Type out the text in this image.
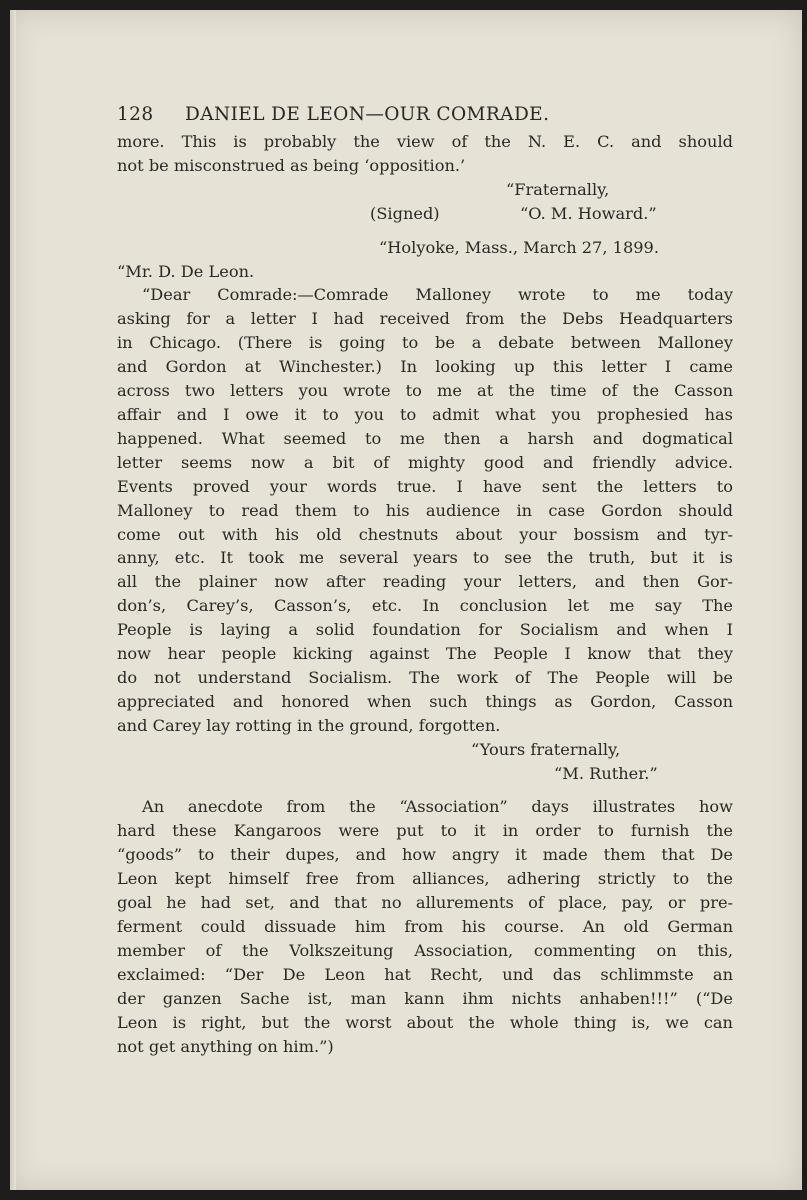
128 DANIEL DE LEON—OUR COMRADE.
more. This is probably the view of the N. E. C. and should
not be misconstrued as being ‘opposition.’
“Fraternally,
(Signed)	“O. M. Howard.”
“Holyoke, Mass., March 27, 1899.
“Mr. D. De Leon.
“Dear Comrade:—Comrade Malloney wrote to me today
asking for a letter I had received from the Debs Headquarters
in Chicago. (There is going to be a debate between Malloney
and Gordon at Winchester.) In looking up this letter I came
across two letters you wrote to me at the time of the Casson
affair and I owe it to you to admit what you prophesied has
happened. What seemed to me then a harsh and dogmatical
letter seems now a bit of mighty good and friendly advice.
Events proved your words true. I have sent the letters to
Malloney to read them to his audience in case Gordon should
come out with his old chestnuts about your bossism and tyr-
anny, etc. It took me several years to see the truth, but it is
all the plainer now after reading your letters, and then Gor-
don’s, Carey’s, Casson’s, etc. In conclusion let me say The
People is laying a solid foundation for Socialism and when I
now hear people kicking against The People I know that they
do not understand Socialism. The work of The People will be
appreciated and honored when such things as Gordon, Casson
and Carey lay rotting in the ground, forgotten.
“Yours fraternally,
“M. Ruther.”
An anecdote from the “Association” days illustrates how
hard these Kangaroos were put to it in order to furnish the
“goods” to their dupes, and how angry it made them that De
Leon kept himself free from alliances, adhering strictly to the
goal he had set, and that no allurements of place, pay, or pre-
ferment could dissuade him from his course. An old German
member of the Volkszeitung Association, commenting on this,
exclaimed: “Der De Leon hat Recht, und das schlimmste an
der ganzen Sache ist, man kann ihm nichts anhaben!!!” (“De
Leon is right, but the worst about the whole thing is, we can
not get anything on him.”)
